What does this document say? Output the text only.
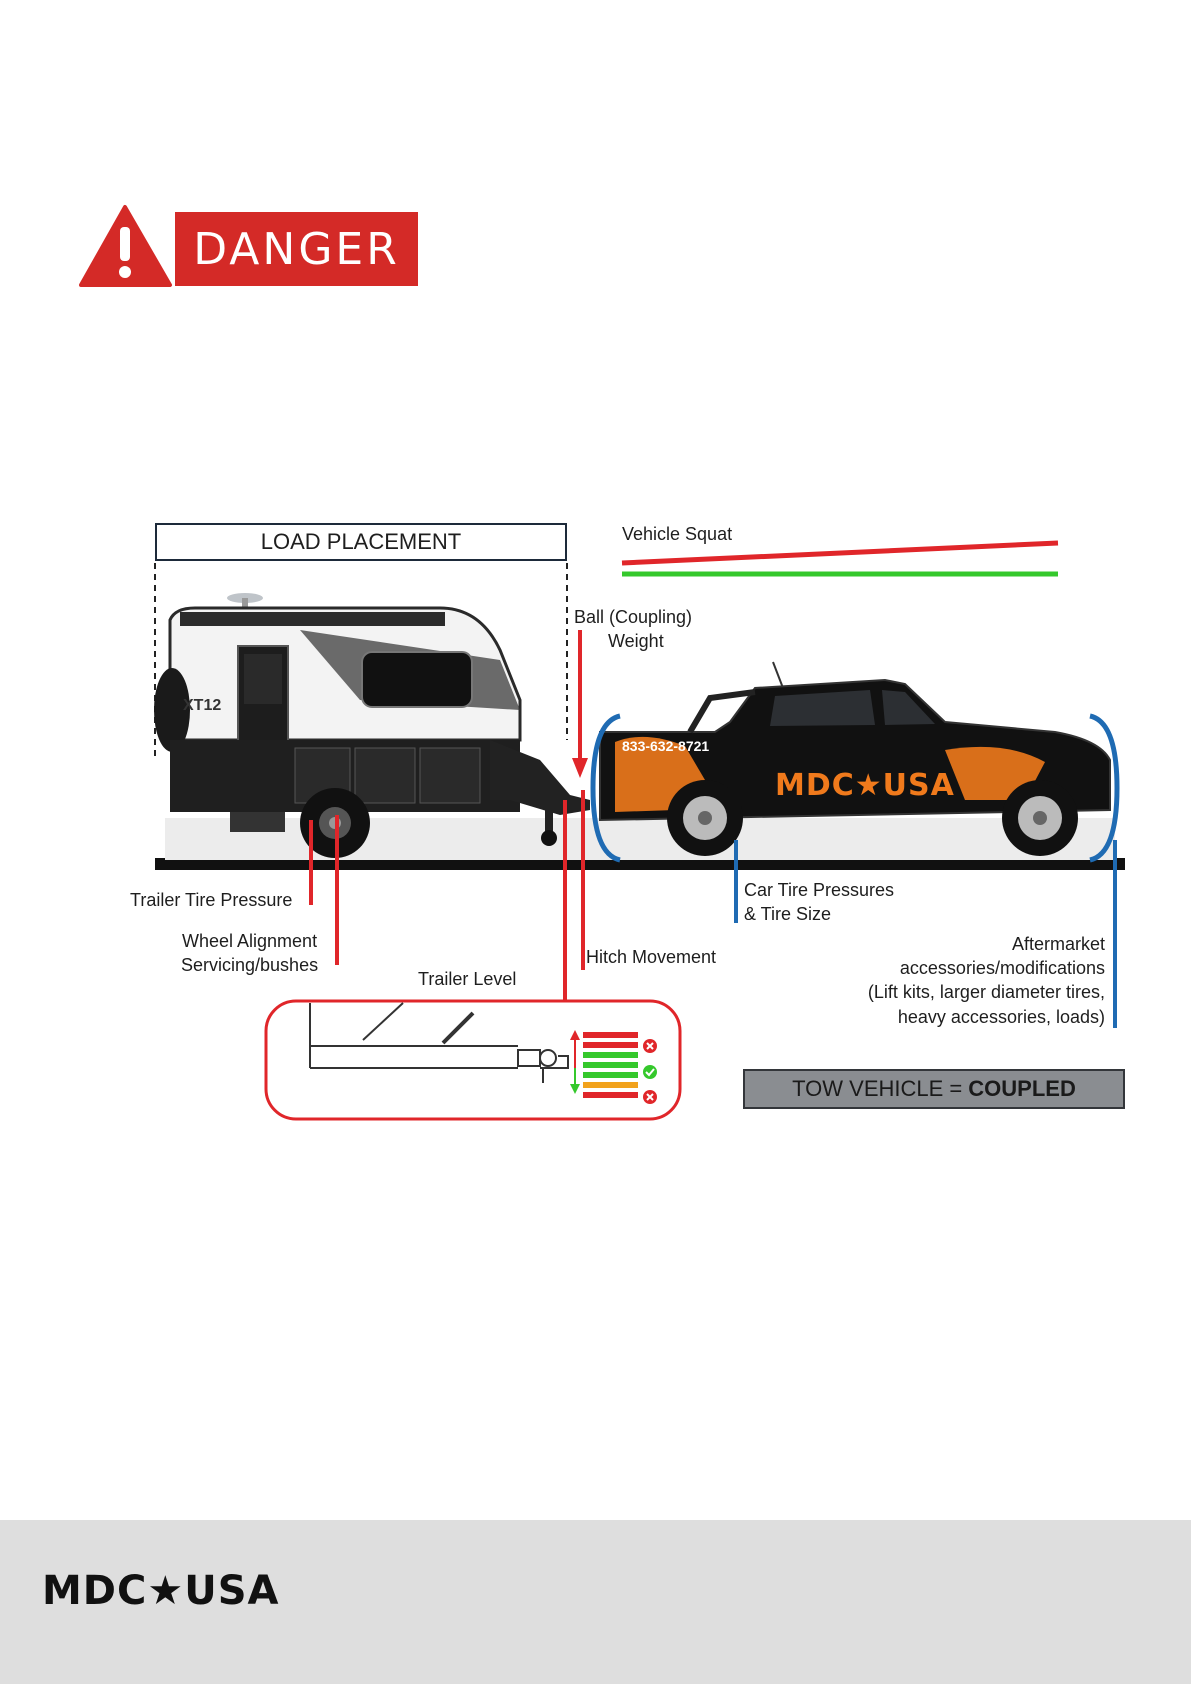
DANGER
LOAD PLACEMENT	Vehicle Squat
Ball (Coupling)
Weight
XT12
833-632-8721
MDC★USA
Trailer Tire Pressure
Wheel Alignment
Servicing/bushes	Hitch Movement
Trailer Level
Car Tire Pressures
& Tire Size
Aftermarket
accessories/modifications
(Lift kits, larger diameter tires,
heavy accessories, loads)
TOW VEHICLE = COUPLED
MDC★USA
